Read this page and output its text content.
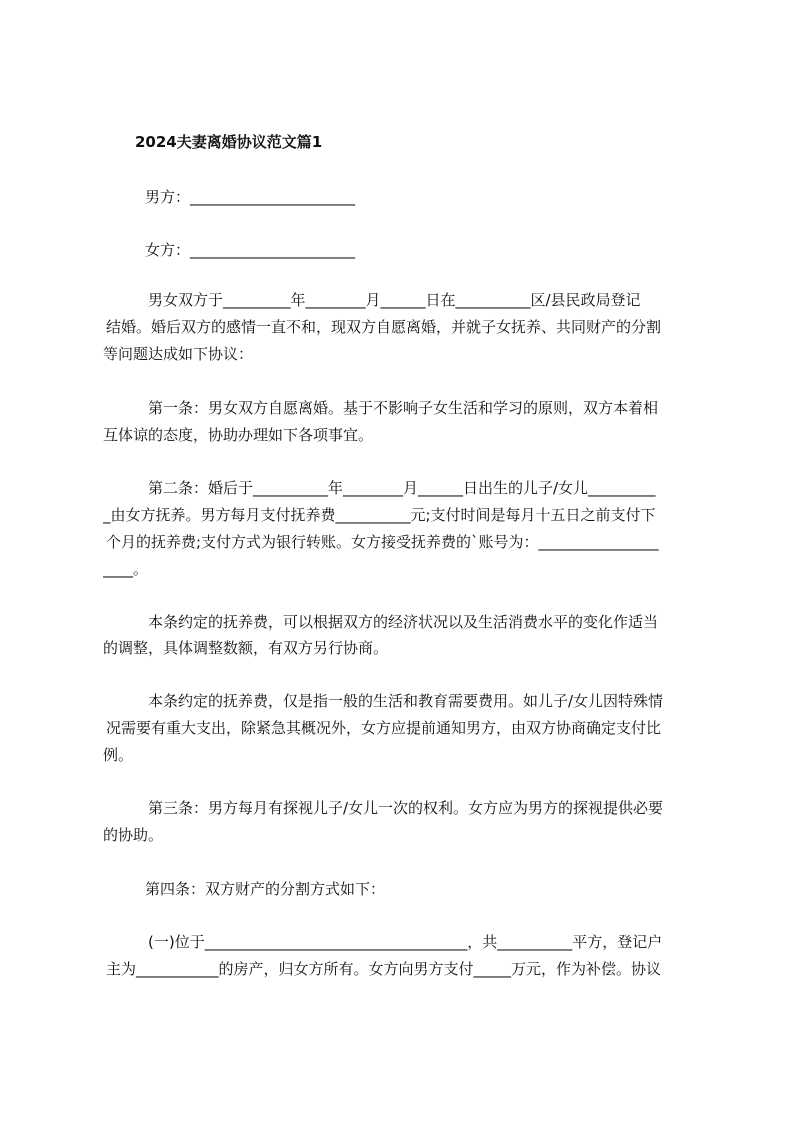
2024夫妻离婚协议范文篇1
男方：______________________
女方：______________________
男女双方于_________年________月______日在__________区/县民政局登记
结婚。婚后双方的感情一直不和，现双方自愿离婚，并就子女抚养、共同财产的分割
等问题达成如下协议：
第一条：男女双方自愿离婚。基于不影响子女生活和学习的原则，双方本着相
互体谅的态度，协助办理如下各项事宜。
第二条：婚后于__________年________月______日出生的儿子/女儿_________
_由女方抚养。男方每月支付抚养费__________元;支付时间是每月十五日之前支付下
个月的抚养费;支付方式为银行转账。女方接受抚养费的`账号为：________________
____。
本条约定的抚养费，可以根据双方的经济状况以及生活消费水平的变化作适当
的调整，具体调整数额，有双方另行协商。
本条约定的抚养费，仅是指一般的生活和教育需要费用。如儿子/女儿因特殊情
况需要有重大支出，除紧急其概况外，女方应提前通知男方，由双方协商确定支付比
例。
第三条：男方每月有探视儿子/女儿一次的权利。女方应为男方的探视提供必要
的协助。
第四条：双方财产的分割方式如下：
(一)位于___________________________________，共__________平方，登记户
主为___________的房产，归女方所有。女方向男方支付_____万元，作为补偿。协议
